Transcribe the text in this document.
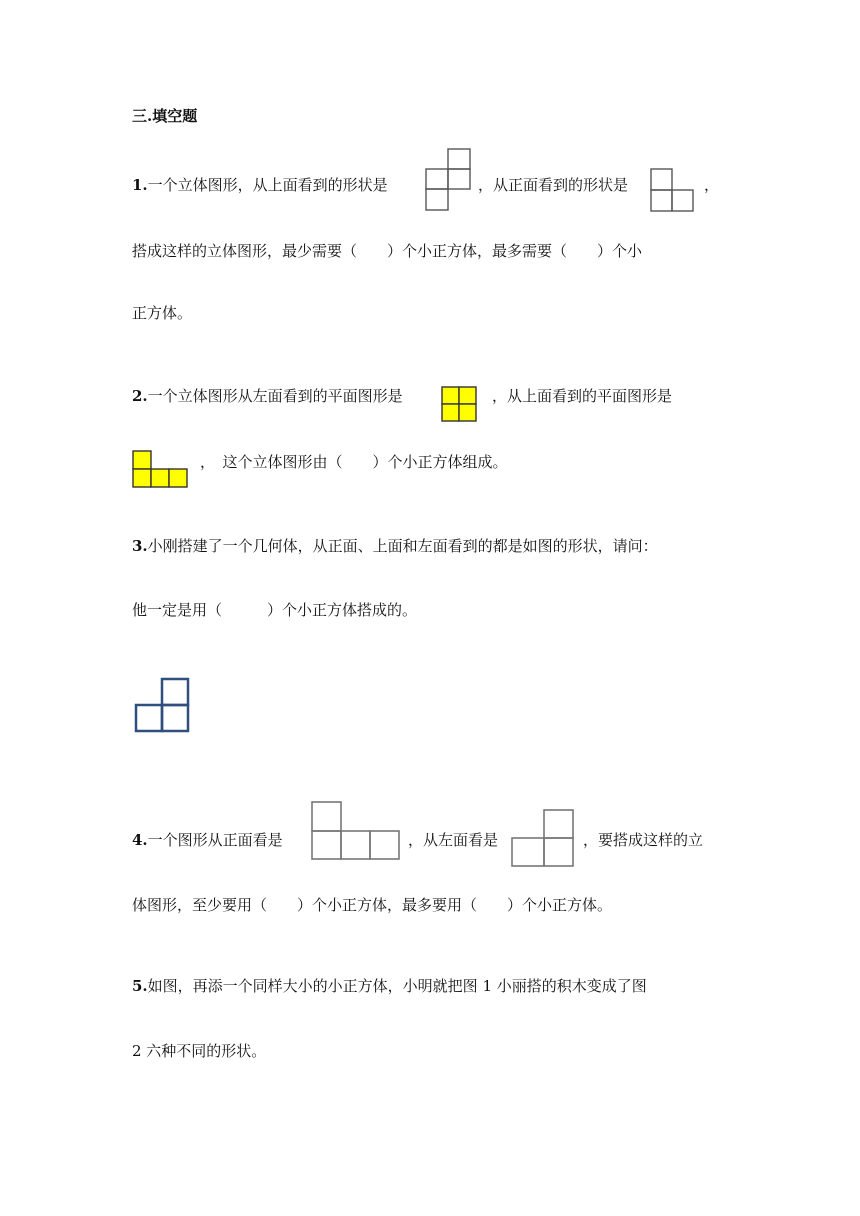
三.填空题
1.一个立体图形，从上面看到的形状是	，从正面看到的形状是	，
搭成这样的立体图形，最少需要（　　）个小正方体，最多需要（　　）个小
正方体。
2.一个立体图形从左面看到的平面图形是	，从上面看到的平面图形是
，　这个立体图形由（　　）个小正方体组成。
3.小刚搭建了一个几何体，从正面、上面和左面看到的都是如图的形状，请问：
他一定是用（　　　）个小正方体搭成的。
4.一个图形从正面看是	，从左面看是	，要搭成这样的立
体图形，至少要用（　　）个小正方体，最多要用（　　）个小正方体。
5.如图，再添一个同样大小的小正方体，小明就把图 1 小丽搭的积木变成了图
2 六种不同的形状。
